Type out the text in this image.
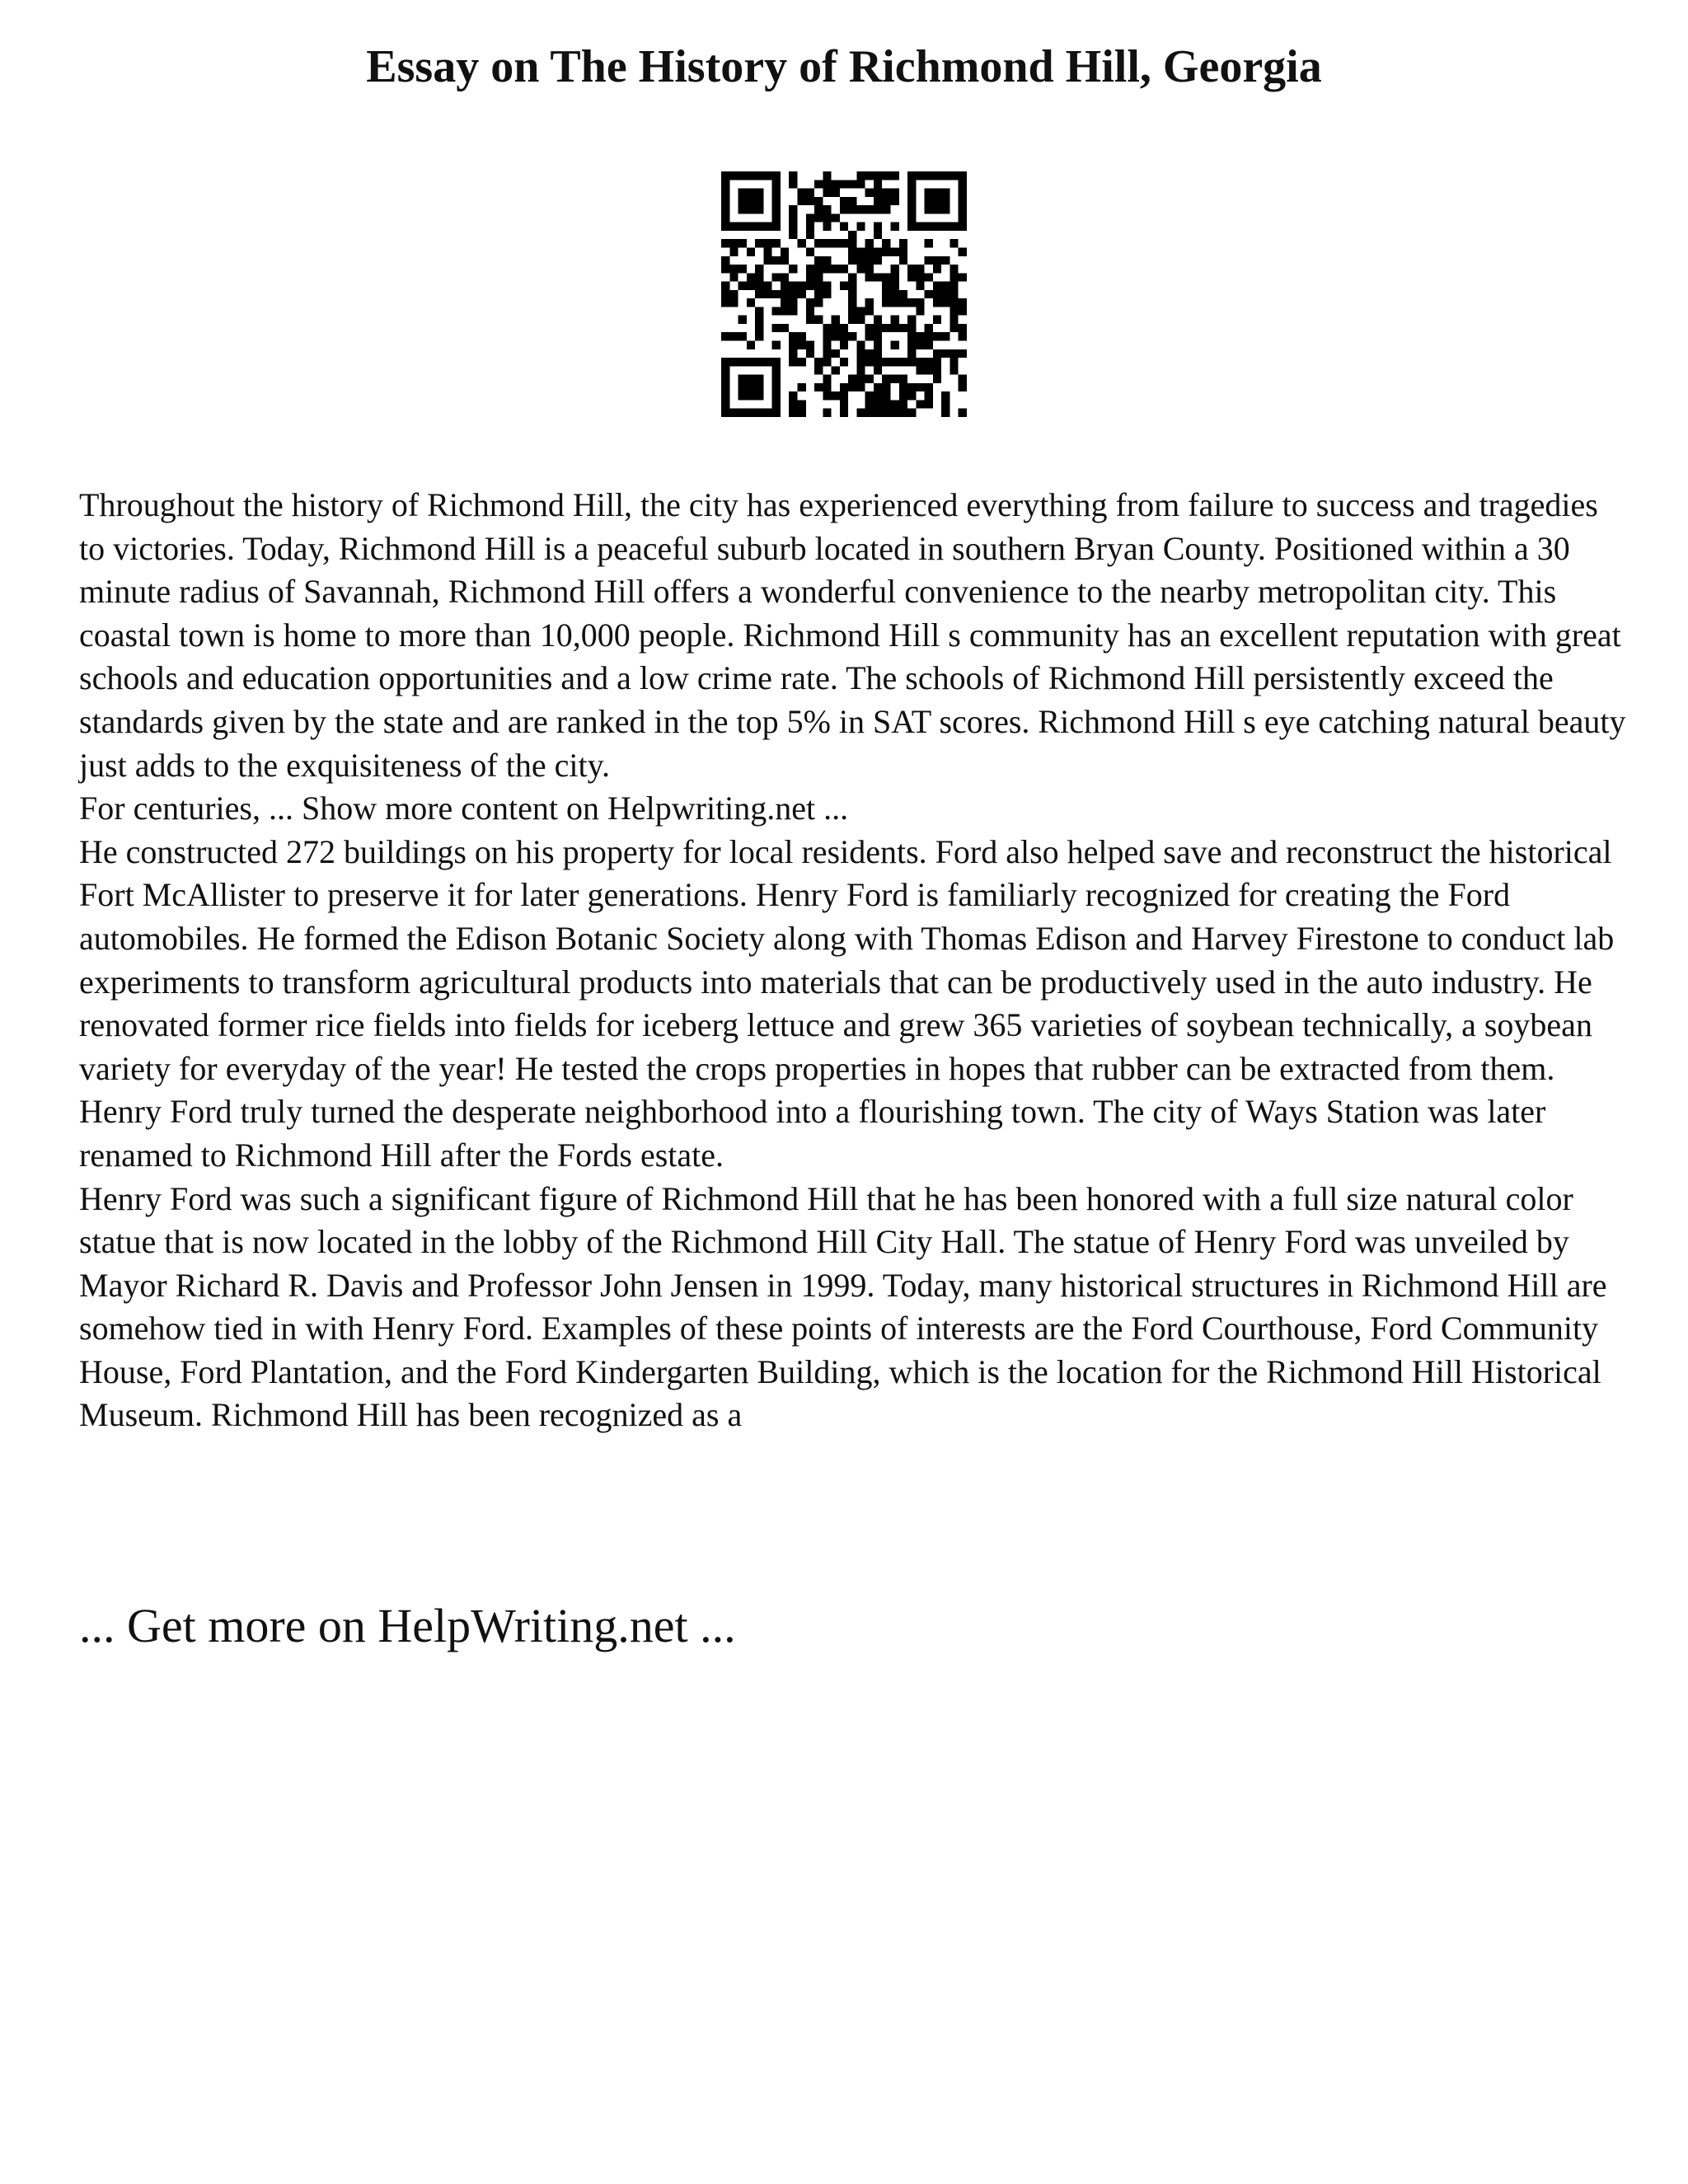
Essay on The History of Richmond Hill, Georgia

Throughout the history of Richmond Hill, the city has experienced everything from failure to success and tragedies to victories. Today, Richmond Hill is a peaceful suburb located in southern Bryan County. Positioned within a 30 minute radius of Savannah, Richmond Hill offers a wonderful convenience to the nearby metropolitan city. This coastal town is home to more than 10,000 people. Richmond Hill s community has an excellent reputation with great schools and education opportunities and a low crime rate. The schools of Richmond Hill persistently exceed the standards given by the state and are ranked in the top 5% in SAT scores. Richmond Hill s eye catching natural beauty just adds to the exquisiteness of the city.

For centuries, ... Show more content on Helpwriting.net ...

He constructed 272 buildings on his property for local residents. Ford also helped save and reconstruct the historical Fort McAllister to preserve it for later generations. Henry Ford is familiarly recognized for creating the Ford automobiles. He formed the Edison Botanic Society along with Thomas Edison and Harvey Firestone to conduct lab experiments to transform agricultural products into materials that can be productively used in the auto industry. He renovated former rice fields into fields for iceberg lettuce and grew 365 varieties of soybean technically, a soybean variety for everyday of the year! He tested the crops properties in hopes that rubber can be extracted from them. Henry Ford truly turned the desperate neighborhood into a flourishing town. The city of Ways Station was later renamed to Richmond Hill after the Fords estate.

Henry Ford was such a significant figure of Richmond Hill that he has been honored with a full size natural color statue that is now located in the lobby of the Richmond Hill City Hall. The statue of Henry Ford was unveiled by Mayor Richard R. Davis and Professor John Jensen in 1999. Today, many historical structures in Richmond Hill are somehow tied in with Henry Ford. Examples of these points of interests are the Ford Courthouse, Ford Community House, Ford Plantation, and the Ford Kindergarten Building, which is the location for the Richmond Hill Historical Museum. Richmond Hill has been recognized as a

... Get more on HelpWriting.net ...
